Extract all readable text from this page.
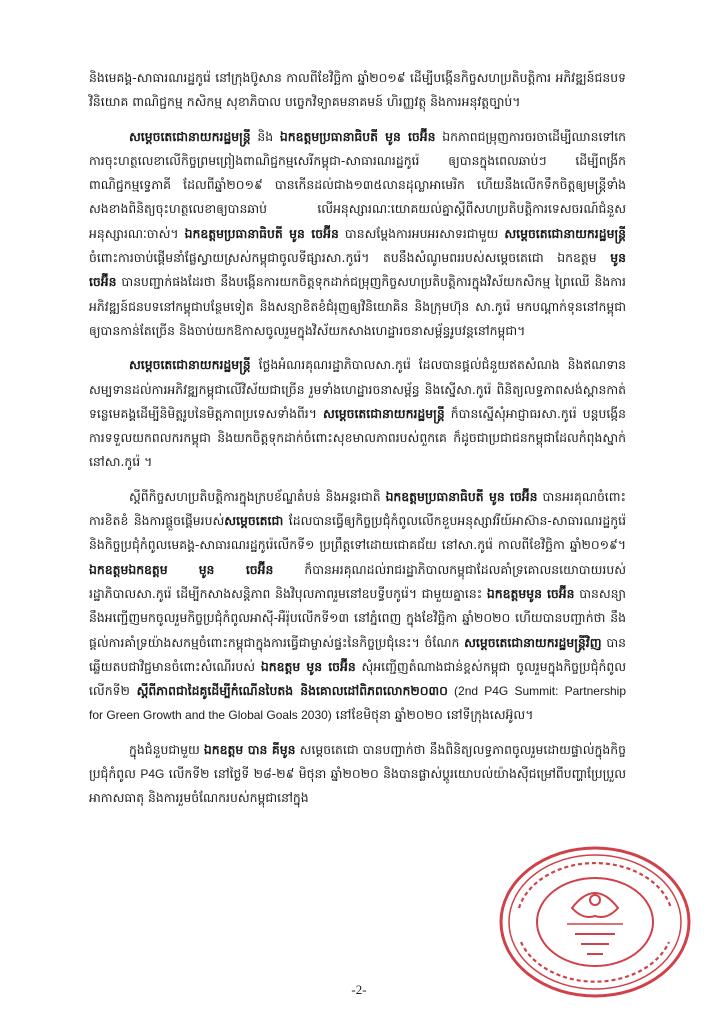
និងមេគង្គ-សាធារណរដ្ឋកូរ៉េ នៅក្រុងប៊ូសាន កាលពីខែវិច្ឆិកា ឆ្នាំ២០១៩ ដើម្បីបង្កើនកិច្ចសហប្រតិបត្តិការ អភិវឌ្ឍន៍ជនបទ វិនិយោគ ពាណិជ្ជកម្ម កសិកម្ម សុខាភិបាល បច្ចេកវិទ្យាគមនាគមន៍ ហិរញ្ញវត្ថុ និងការអនុវត្តច្បាប់។

សម្តេចតេជោនាយករដ្ឋមន្ត្រី និង ឯកឧត្តមប្រធានាធិបតី មូន ចេអ៊ីន ឯកភាពជម្រុញការចរចាដើម្បីឈានទៅកេការចុះហត្ថលេខាលើកិច្ចព្រមព្រៀងពាណិជ្ជកម្មសេរីកម្ពុជា-សាធារណរដ្ឋកូរ៉េ ឲ្យបានក្នុងពេលឆាប់ៗ ដើម្បីពង្រីកពាណិជ្ជកម្មទ្វេភាគី ដែលពីឆ្នាំ២០១៩ បានកើនដល់ជាង១៣៥លានដុល្លាអាមេរិក ហើយនឹងលើកទឹកចិត្តឲ្យមន្ត្រីទាំងសងខាងពិនិត្យចុះហត្ថលេខាឲ្យបានឆាប់ លើអនុស្សារណៈយោគយល់គ្នាស្តីពីសហប្រតិបត្តិការទេសចរណ៍ជំនួសអនុស្សារណៈចាស់។ ឯកឧត្តមប្រធានាធិបតី មូន ចេអ៊ីន បានសម្តែងការអបអរសាទរជាមួយ សម្តេចតេជោនាយករដ្ឋមន្ត្រី ចំពោះការចាប់ផ្តើមនាំផ្លែស្វាយស្រស់កម្ពុជាចូលទីផ្សារសា.កូរ៉េ។ តបនឹងសំណូមពររបស់សម្តេចតេជោ ឯកឧត្តម មូន ចេអ៊ីន បានបញ្ជាក់ផងដែរថា នឹងបង្កើនការយកចិត្តទុកដាក់ជម្រុញកិច្ចសហប្រតិបត្តិការក្នុងវិស័យកសិកម្ម ព្រៃឈើ និងការអភិវឌ្ឍន៍ជនបទនៅកម្ពុជាបន្ថែមទៀត និងសន្យាខិតខំជំរុញឲ្យវិនិយោគិន និងក្រុមហ៊ុន សា.កូរ៉េ មកបណ្តាក់ទុននៅកម្ពុជាឲ្យបានកាន់តែច្រើន និងចាប់យកឱកាសចូលរួមក្នុងវិស័យកសាងហេដ្ឋារចនាសម្ព័ន្ធរូបវន្តនៅកម្ពុជា។

សម្តេចតេជោនាយករដ្ឋមន្ត្រី ថ្លែងអំណរគុណរដ្ឋាភិបាលសា.កូរ៉េ ដែលបានផ្តល់ជំនួយឥតសំណង និងឥណទានសម្បទានដល់ការអភិវឌ្ឍកម្ពុជាលើវិស័យជាច្រើន រួមទាំងហេដ្ឋារចនាសម្ព័ន្ធ និងស្នើសា.កូរ៉េ ពិនិត្យលទ្ធភាពសង់ស្ពានកាត់ទន្លេមេគង្គដើម្បីនិមិត្តរូបនៃមិត្តភាពប្រទេសទាំងពីរ។ សម្តេចតេជោនាយករដ្ឋមន្ត្រី ក៏បានស្នើសុំអាជ្ញាធរសា.កូរ៉េ បន្តបង្កើនការទទួលយកពលករកម្ពុជា និងយកចិត្តទុកដាក់ចំពោះសុខមាលភាពរបស់ពួកគេ ក៏ដូចជាប្រជាជនកម្ពុជាដែលកំពុងស្នាក់នៅសា.កូរ៉េ ។

ស្តីពីកិច្ចសហប្រតិបត្តិការក្នុងក្របខ័ណ្ឌតំបន់ និងអន្តរជាតិ ឯកឧត្តមប្រធានាធិបតី មូន ចេអ៊ីន បានអរគុណចំពោះការខិតខំ និងការផ្តួចផ្តើមរបស់សម្តេចតេជោ ដែលបានធ្វើឲ្យកិច្ចប្រជុំកំពូលលើកខួបអនុស្សាវរីយ៍អាស៊ាន-សាធារណរដ្ឋកូរ៉េ និងកិច្ចប្រជុំកំពូលមេគង្គ-សាធារណរដ្ឋកូរ៉េលើកទី១ ប្រព្រឹត្តទៅដោយជោគជ័យ នៅសា.កូរ៉េ កាលពីខែវិច្ឆិកា ឆ្នាំ២០១៩។ ឯកឧត្តមឯកឧត្តម	មូន ចេអ៊ីន ក៏បានអរគុណដល់រាជរដ្ឋាភិបាលកម្ពុជាដែលគាំទ្រគោលនយោបាយរបស់រដ្ឋាភិបាលសា.កូរ៉េ ដើម្បីកសាងសន្តិភាព និងវិបុលភាពរួមនៅឧបទ្វីបកូរ៉េ។ ជាមួយគ្នានេះ ឯកឧត្តមមូន ចេអ៊ីន បានសន្យានឹងអញ្ជើញមកចូលរួមកិច្ចប្រជុំកំពូលអាស៊ី-អឺរ៉ុបលើកទី១៣ នៅភ្នំពេញ ក្នុងខែវិច្ឆិកា ឆ្នាំ២០២០ ហើយបានបញ្ជាក់ថា នឹងផ្តល់ការគាំទ្រយ៉ាងសកម្មចំពោះកម្ពុជាក្នុងការធ្វើជាម្ចាស់ផ្ទះនៃកិច្ចប្រជុំនេះ។ ចំណែក សម្តេចតេជោនាយករដ្ឋមន្ត្រីវិញ បានឆ្លើយតបជាវិជ្ជមានចំពោះសំណើរបស់ ឯកឧត្តម មូន ចេអ៊ីន សុំអញ្ជើញតំណាងជាន់ខ្ពស់កម្ពុជា ចូលរួមក្នុងកិច្ចប្រជុំកំពូលលើកទី២ ស្តីពីភាពជាដៃគូដើម្បីកំណើនបៃតង និងគោលដៅពិភពលោក២០៣០ (2nd P4G Summit: Partnership for Green Growth and the Global Goals 2030) នៅខែមិថុនា ឆ្នាំ២០២០ នៅទីក្រុងសេអ៊ូល។

ក្នុងជំនួបជាមួយ ឯកឧត្តម បាន គីមូន សម្តេចតេជោ បានបញ្ជាក់ថា នឹងពិនិត្យលទ្ធភាពចូលរួមដោយផ្ទាល់ក្នុងកិច្ចប្រជុំកំពូល P4G លើកទី២ នៅថ្ងៃទី ២៨-២៩ មិថុនា ឆ្នាំ២០២០ និងបានផ្លាស់ប្តូរយោបល់យ៉ាងស៊ីជម្រៅពីបញ្ហាប្រែប្រួលអាកាសធាតុ និងការរួមចំណែករបស់កម្ពុជានៅក្នុង

-2-
